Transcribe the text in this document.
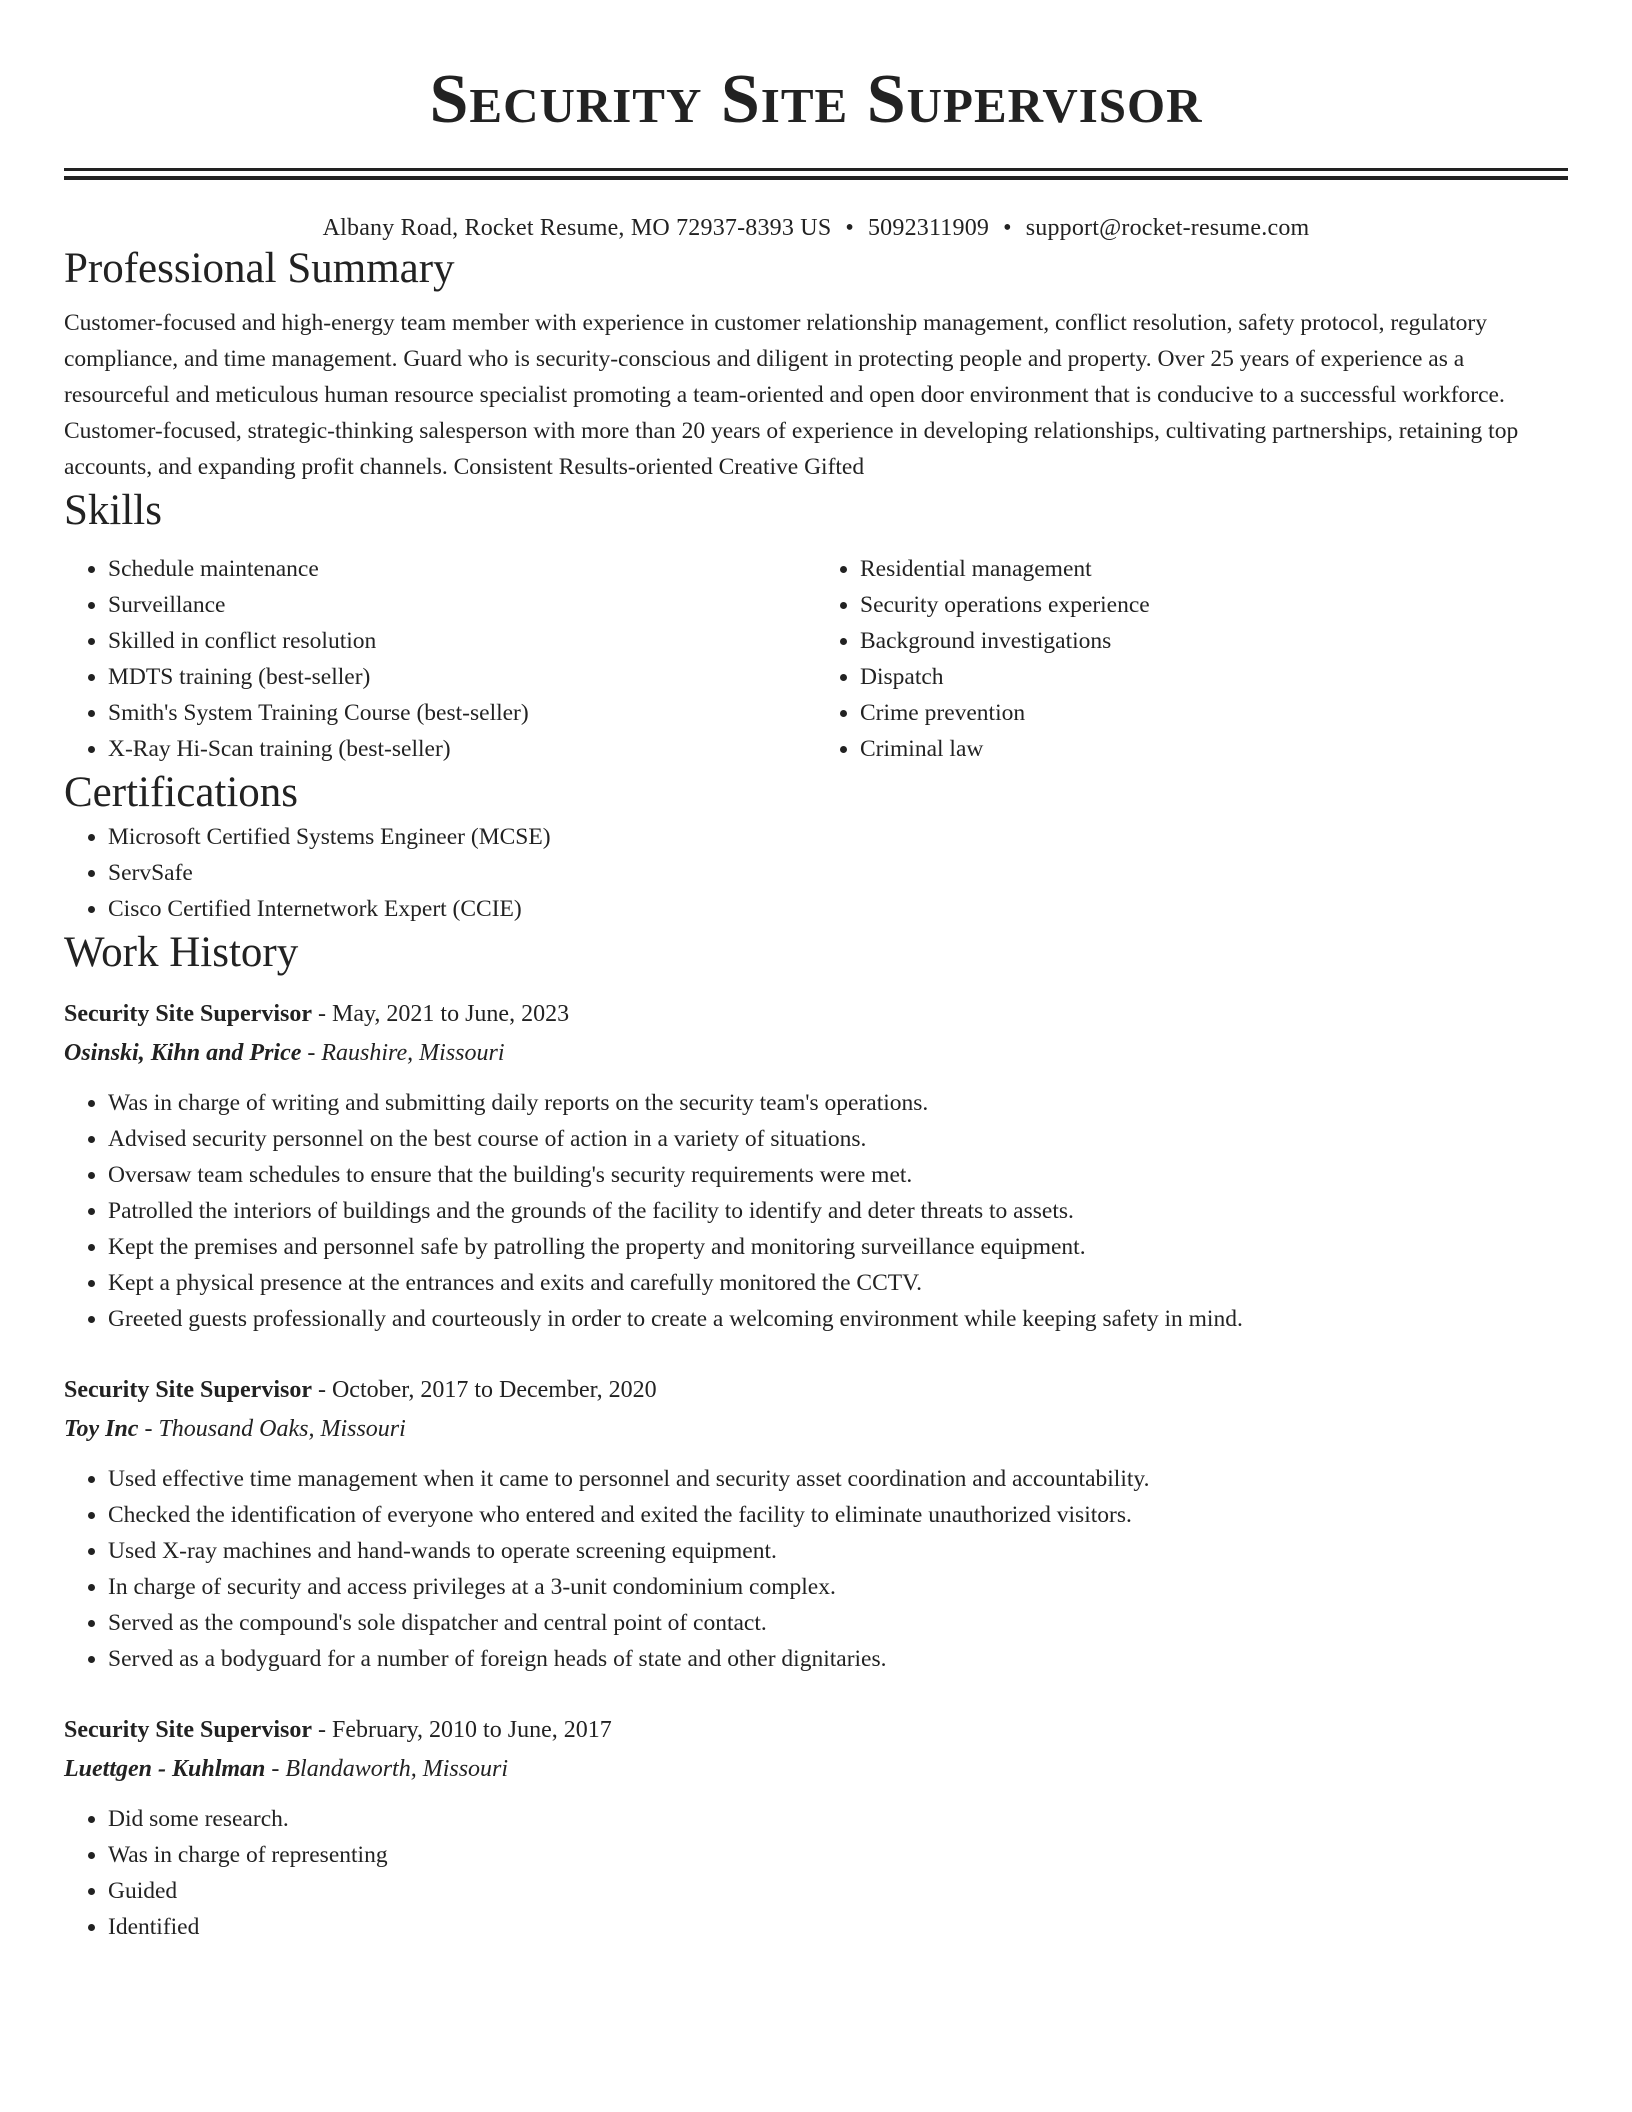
Security Site Supervisor
Albany Road, Rocket Resume, MO 72937-8393 US • 5092311909 • support@rocket-resume.com
Professional Summary
Customer-focused and high-energy team member with experience in customer relationship management, conflict resolution, safety protocol, regulatory compliance, and time management. Guard who is security-conscious and diligent in protecting people and property. Over 25 years of experience as a resourceful and meticulous human resource specialist promoting a team-oriented and open door environment that is conducive to a successful workforce. Customer-focused, strategic-thinking salesperson with more than 20 years of experience in developing relationships, cultivating partnerships, retaining top accounts, and expanding profit channels. Consistent Results-oriented Creative Gifted
Skills
• Schedule maintenance
• Surveillance
• Skilled in conflict resolution
• MDTS training (best-seller)
• Smith's System Training Course (best-seller)
• X-Ray Hi-Scan training (best-seller)
• Residential management
• Security operations experience
• Background investigations
• Dispatch
• Crime prevention
• Criminal law
Certifications
• Microsoft Certified Systems Engineer (MCSE)
• ServSafe
• Cisco Certified Internetwork Expert (CCIE)
Work History
Security Site Supervisor - May, 2021 to June, 2023
Osinski, Kihn and Price - Raushire, Missouri
• Was in charge of writing and submitting daily reports on the security team's operations.
• Advised security personnel on the best course of action in a variety of situations.
• Oversaw team schedules to ensure that the building's security requirements were met.
• Patrolled the interiors of buildings and the grounds of the facility to identify and deter threats to assets.
• Kept the premises and personnel safe by patrolling the property and monitoring surveillance equipment.
• Kept a physical presence at the entrances and exits and carefully monitored the CCTV.
• Greeted guests professionally and courteously in order to create a welcoming environment while keeping safety in mind.
Security Site Supervisor - October, 2017 to December, 2020
Toy Inc - Thousand Oaks, Missouri
• Used effective time management when it came to personnel and security asset coordination and accountability.
• Checked the identification of everyone who entered and exited the facility to eliminate unauthorized visitors.
• Used X-ray machines and hand-wands to operate screening equipment.
• In charge of security and access privileges at a 3-unit condominium complex.
• Served as the compound's sole dispatcher and central point of contact.
• Served as a bodyguard for a number of foreign heads of state and other dignitaries.
Security Site Supervisor - February, 2010 to June, 2017
Luettgen - Kuhlman - Blandaworth, Missouri
• Did some research.
• Was in charge of representing
• Guided
• Identified
